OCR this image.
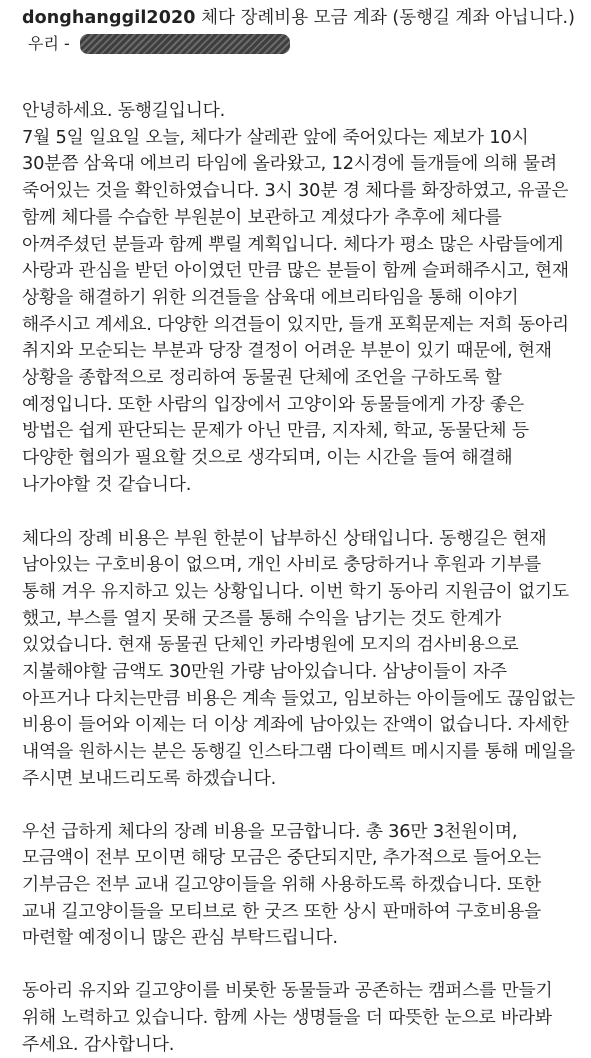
donghanggil2020 체다 장례비용 모금 계좌 (동행길 계좌 아닙니다.)

우리 -

안녕하세요. 동행길입니다.

7월 5일 일요일 오늘, 체다가 살레관 앞에 죽어있다는 제보가 10시 30분쯤 삼육대 에브리 타임에 올라왔고, 12시경에 들개들에 의해 물려 죽어있는 것을 확인하였습니다. 3시 30분 경 체다를 화장하였고, 유골은 함께 체다를 수습한 부원분이 보관하고 계셨다가 추후에 체다를 아껴주셨던 분들과 함께 뿌릴 계획입니다. 체다가 평소 많은 사람들에게 사랑과 관심을 받던 아이였던 만큼 많은 분들이 함께 슬퍼해주시고, 현재 상황을 해결하기 위한 의견들을 삼육대 에브리타임을 통해 이야기 해주시고 계세요. 다양한 의견들이 있지만, 들개 포획문제는 저희 동아리 취지와 모순되는 부분과 당장 결정이 어려운 부분이 있기 때문에, 현재 상황을 종합적으로 정리하여 동물권 단체에 조언을 구하도록 할 예정입니다. 또한 사람의 입장에서 고양이와 동물들에게 가장 좋은 방법은 쉽게 판단되는 문제가 아닌 만큼, 지자체, 학교, 동물단체 등 다양한 협의가 필요할 것으로 생각되며, 이는 시간을 들여 해결해 나가야할 것 같습니다.

체다의 장례 비용은 부원 한분이 납부하신 상태입니다. 동행길은 현재 남아있는 구호비용이 없으며, 개인 사비로 충당하거나 후원과 기부를 통해 겨우 유지하고 있는 상황입니다. 이번 학기 동아리 지원금이 없기도 했고, 부스를 열지 못해 굿즈를 통해 수익을 남기는 것도 한계가 있었습니다. 현재 동물권 단체인 카라병원에 모지의 검사비용으로 지불해야할 금액도 30만원 가량 남아있습니다. 삼냥이들이 자주 아프거나 다치는만큼 비용은 계속 들었고, 임보하는 아이들에도 끊임없는 비용이 들어와 이제는 더 이상 계좌에 남아있는 잔액이 없습니다. 자세한 내역을 원하시는 분은 동행길 인스타그램 다이렉트 메시지를 통해 메일을 주시면 보내드리도록 하겠습니다.

우선 급하게 체다의 장례 비용을 모금합니다. 총 36만 3천원이며, 모금액이 전부 모이면 해당 모금은 중단되지만, 추가적으로 들어오는 기부금은 전부 교내 길고양이들을 위해 사용하도록 하겠습니다. 또한 교내 길고양이들을 모티브로 한 굿즈 또한 상시 판매하여 구호비용을 마련할 예정이니 많은 관심 부탁드립니다.

동아리 유지와 길고양이를 비롯한 동물들과 공존하는 캠퍼스를 만들기 위해 노력하고 있습니다. 함께 사는 생명들을 더 따뜻한 눈으로 바라봐 주세요. 감사합니다.
